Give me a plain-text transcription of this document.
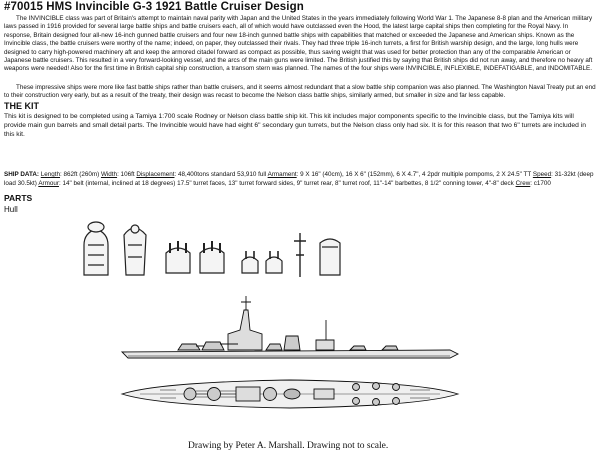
#70015 HMS Invincible G-3 1921 Battle Cruiser Design

The INVINCIBLE class was part of Britain's attempt to maintain naval parity with Japan and the United States in the years immediately following World War 1. The Japanese 8-8 plan and the American military laws passed in 1916 provided for several large battle ships and battle cruisers each, all of which would have outclassed even the Hood, the latest large capital ships then completing for the Royal Navy. In response, Britain designed four all-new 16-inch gunned battle cruisers and four new 18-inch gunned battle ships with capabilities that matched or exceeded the Japanese and American ships. Known as the Invincible class, the battle cruisers were worthy of the name; indeed, on paper, they outclassed their rivals. They had three triple 16-inch turrets, a first for British warship design, and the large, long hulls were designed to carry high-powered machinery aft and keep the armored citadel forward as compact as possible, thus saving weight that was used for better protection than any of the comparable American or Japanese battle cruisers. This resulted in a very forward-looking vessel, and the arcs of the main guns were limited. The British justified this by saying that British ships did not run away, and therefore no heavy aft weapons were needed! Also for the first time in British capital ship construction, a transom stern was planned. The names of the four ships were INVINCIBLE, INFLEXIBLE, INDEFATIGABLE, and INDOMITABLE.

These impressive ships were more like fast battle ships rather than battle cruisers, and it seems almost redundant that a slow battle ship companion was also planned. The Washington Naval Treaty put an end to their construction very early, but as a result of the treaty, their design was recast to become the Nelson class battle ships, similarly armed, but smaller in size and far less capable.

THE KIT

This kit is designed to be completed using a Tamiya 1:700 scale Rodney or Nelson class battle ship kit. This kit includes major components specific to the Invincible class, but the Tamiya kits will provide main gun barrels and small detail parts. The Invincible would have had eight 6" secondary gun turrets, but the Nelson class only had six. It is for this reason that two 6" turrets are included in this kit.

SHIP DATA: Length: 862ft (260m) Width: 106ft Displacement: 48,400tons standard 53,910 full Armament: 9 X 16" (40cm), 16 X 6" (152mm), 6 X 4.7", 4 2pdr multiple pompoms, 2 X 24.5" TT Speed: 31-32kt (deep load 30.5kt) Armour: 14" belt (internal, inclined at 18 degrees) 17.5" turret faces, 13" turret forward sides, 9" turret rear, 8" turret roof, 11"-14" barbettes, 8 1/2" conning tower, 4"-8" deck Crew: c1700

PARTS
Hull
Drawing by Peter A. Marshall. Drawing not to scale.
